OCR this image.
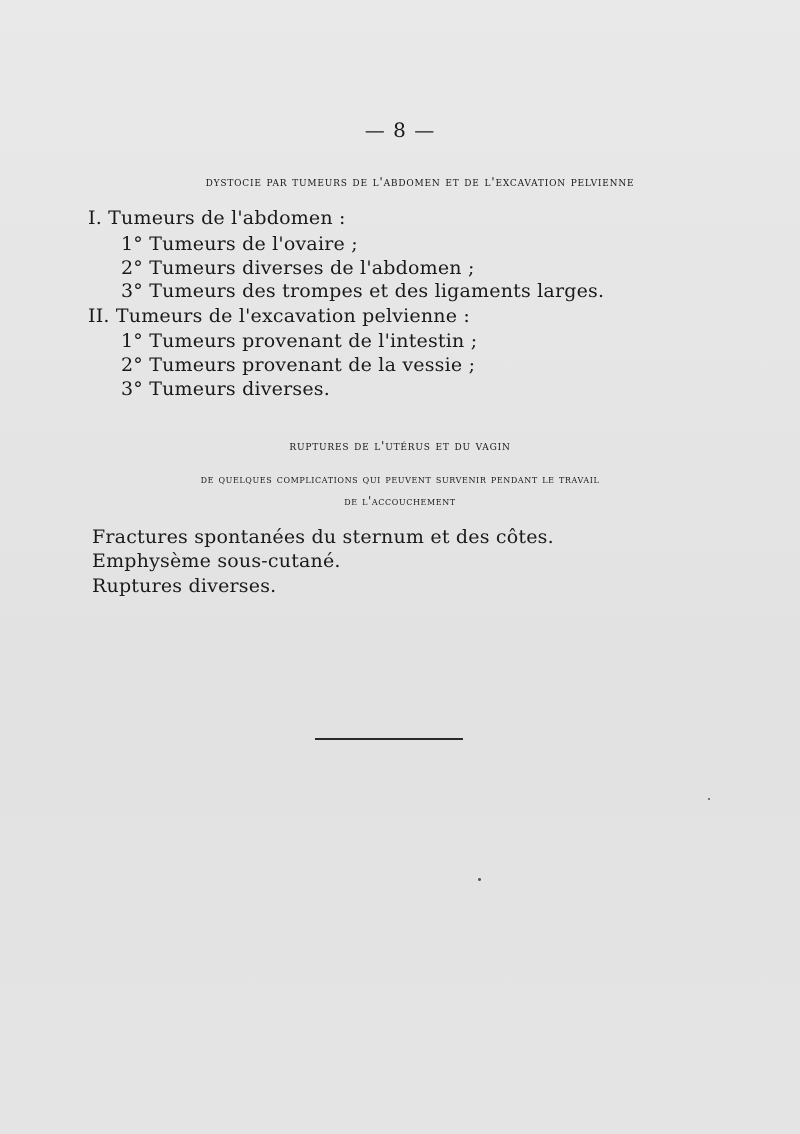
— 8 —
dystocie par tumeurs de l'abdomen et de l'excavation pelvienne
I. Tumeurs de l'abdomen :
1° Tumeurs de l'ovaire ;
2° Tumeurs diverses de l'abdomen ;
3° Tumeurs des trompes et des ligaments larges.
II. Tumeurs de l'excavation pelvienne :
1° Tumeurs provenant de l'intestin ;
2° Tumeurs provenant de la vessie ;
3° Tumeurs diverses.
ruptures de l'utérus et du vagin
de quelques complications qui peuvent survenir pendant le travail
de l'accouchement
Fractures spontanées du sternum et des côtes.
Emphysème sous-cutané.
Ruptures diverses.
